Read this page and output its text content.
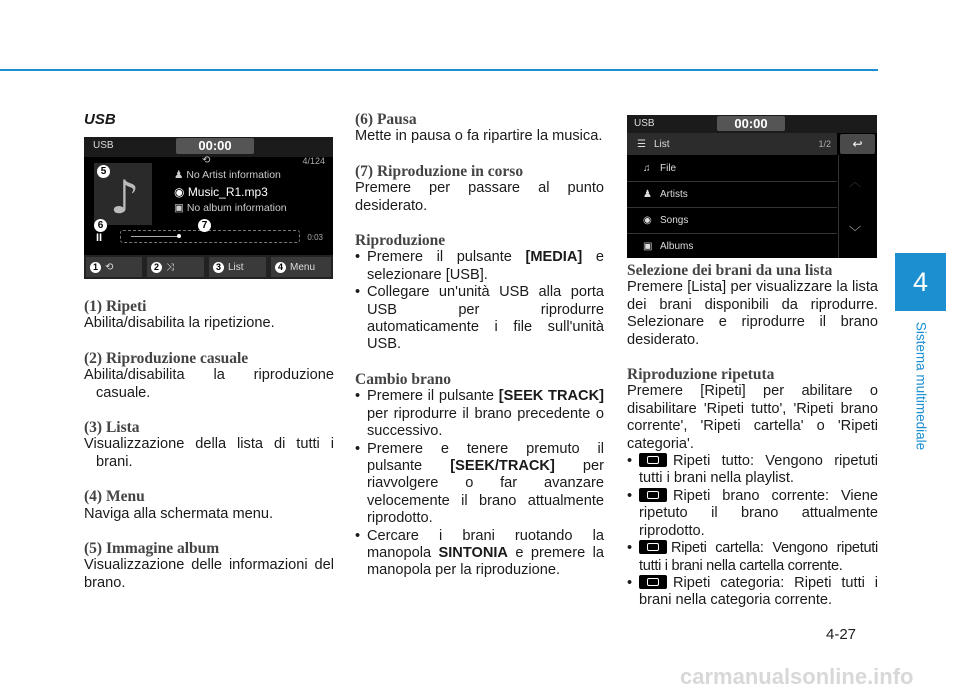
4
Sistema multimediale

USB

USB	00:00
⟲	4/124
♪	♟ No Artist information
◉ Music_R1.mp3
▣ No album information
II	0:03
1 ⟲	2 ⤨	3 List	4 Menu
5
6	7
(1) Ripeti

Abilita/disabilita la ripetizione.

(2) Riproduzione casuale

Abilita/disabilita la riproduzione

casuale.

(3) Lista

Visualizzazione della lista di tutti i

brani.

(4) Menu

Naviga alla schermata menu.

(5) Immagine album

Visualizzazione delle informazioni del brano.

(6) Pausa

Mette in pausa o fa ripartire la musica.

(7) Riproduzione in corso

Premere per passare al punto desiderato.

Riproduzione
• Premere il pulsante [MEDIA] e selezionare [USB].
• Collegare un'unità USB alla porta USB per riprodurre automaticamente i file sull'unità USB.
Cambio brano
• Premere il pulsante [SEEK TRACK] per riprodurre il brano precedente o successivo.
• Premere e tenere premuto il pulsante [SEEK/TRACK] per riavvolgere o far avanzare velocemente il brano attualmente riprodotto.
• Cercare i brani ruotando la manopola SINTONIA e premere la manopola per la riproduzione.
USB	00:00
☰ List	1/2	↩
♫ File
♟ Artists
◉ Songs
▣ Albums
︿
﹀
Selezione dei brani da una lista

Premere [Lista] per visualizzare la lista dei brani disponibili da riprodurre. Selezionare e riprodurre il brano desiderato.

Riproduzione ripetuta

Premere [Ripeti] per abilitare o disabilitare 'Ripeti tutto', 'Ripeti brano corrente', 'Ripeti cartella' o 'Ripeti categoria'.

• Ripeti tutto: Vengono ripetuti tutti i brani nella playlist.
• Ripeti brano corrente: Viene ripetuto il brano attualmente riprodotto.
• Ripeti cartella: Vengono ripetuti tutti i brani nella cartella corrente.
• Ripeti categoria: Ripeti tutti i brani nella categoria corrente.
4-27
carmanualsonline.info
